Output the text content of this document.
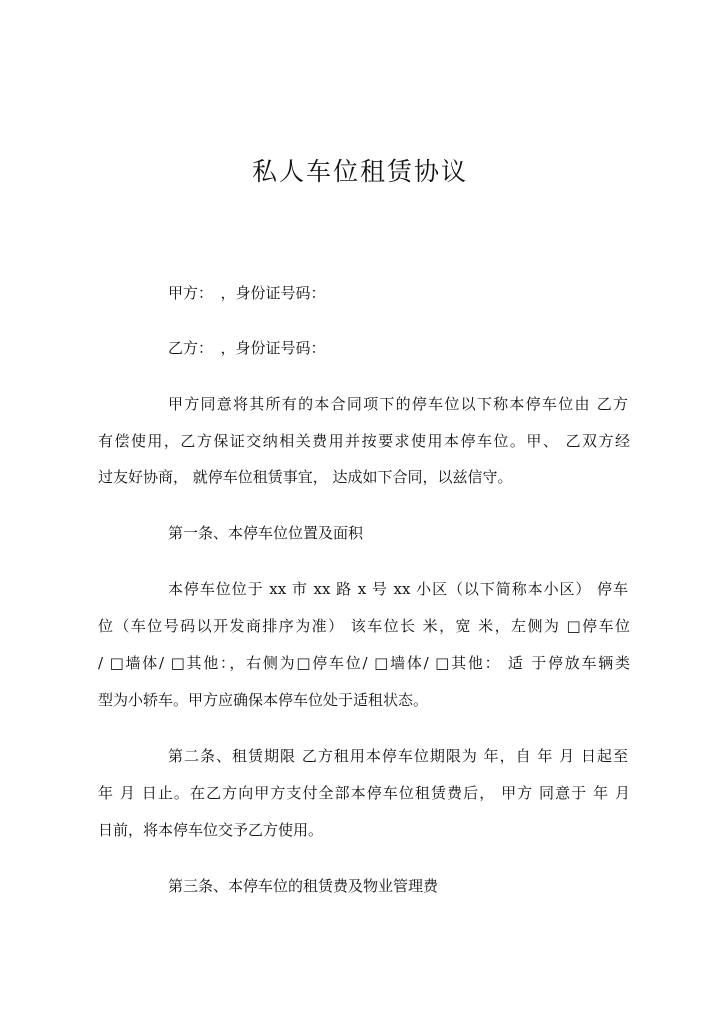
私人车位租赁协议
甲方：　，身份证号码：
乙方：　，身份证号码：
甲方同意将其所有的本合同项下的停车位以下称本停车位由 乙方
有偿使用，乙方保证交纳相关费用并按要求使用本停车位。甲、 乙双方经
过友好协商， 就停车位租赁事宜， 达成如下合同，以兹信守。
第一条、本停车位位置及面积
本停车位位于 xx 市 xx 路 x 号 xx 小区（以下简称本小区） 停车
位（车位号码以开发商排序为准） 该车位长 米，宽 米，左侧为 □停车位
/ □墙体/ □其他：，右侧为□停车位/ □墙体/ □其他： 适 于停放车辆类
型为小轿车。甲方应确保本停车位处于适租状态。
第二条、租赁期限 乙方租用本停车位期限为 年，自 年 月 日起至
年 月 日止。在乙方向甲方支付全部本停车位租赁费后， 甲方 同意于 年 月
日前，将本停车位交予乙方使用。
第三条、本停车位的租赁费及物业管理费
